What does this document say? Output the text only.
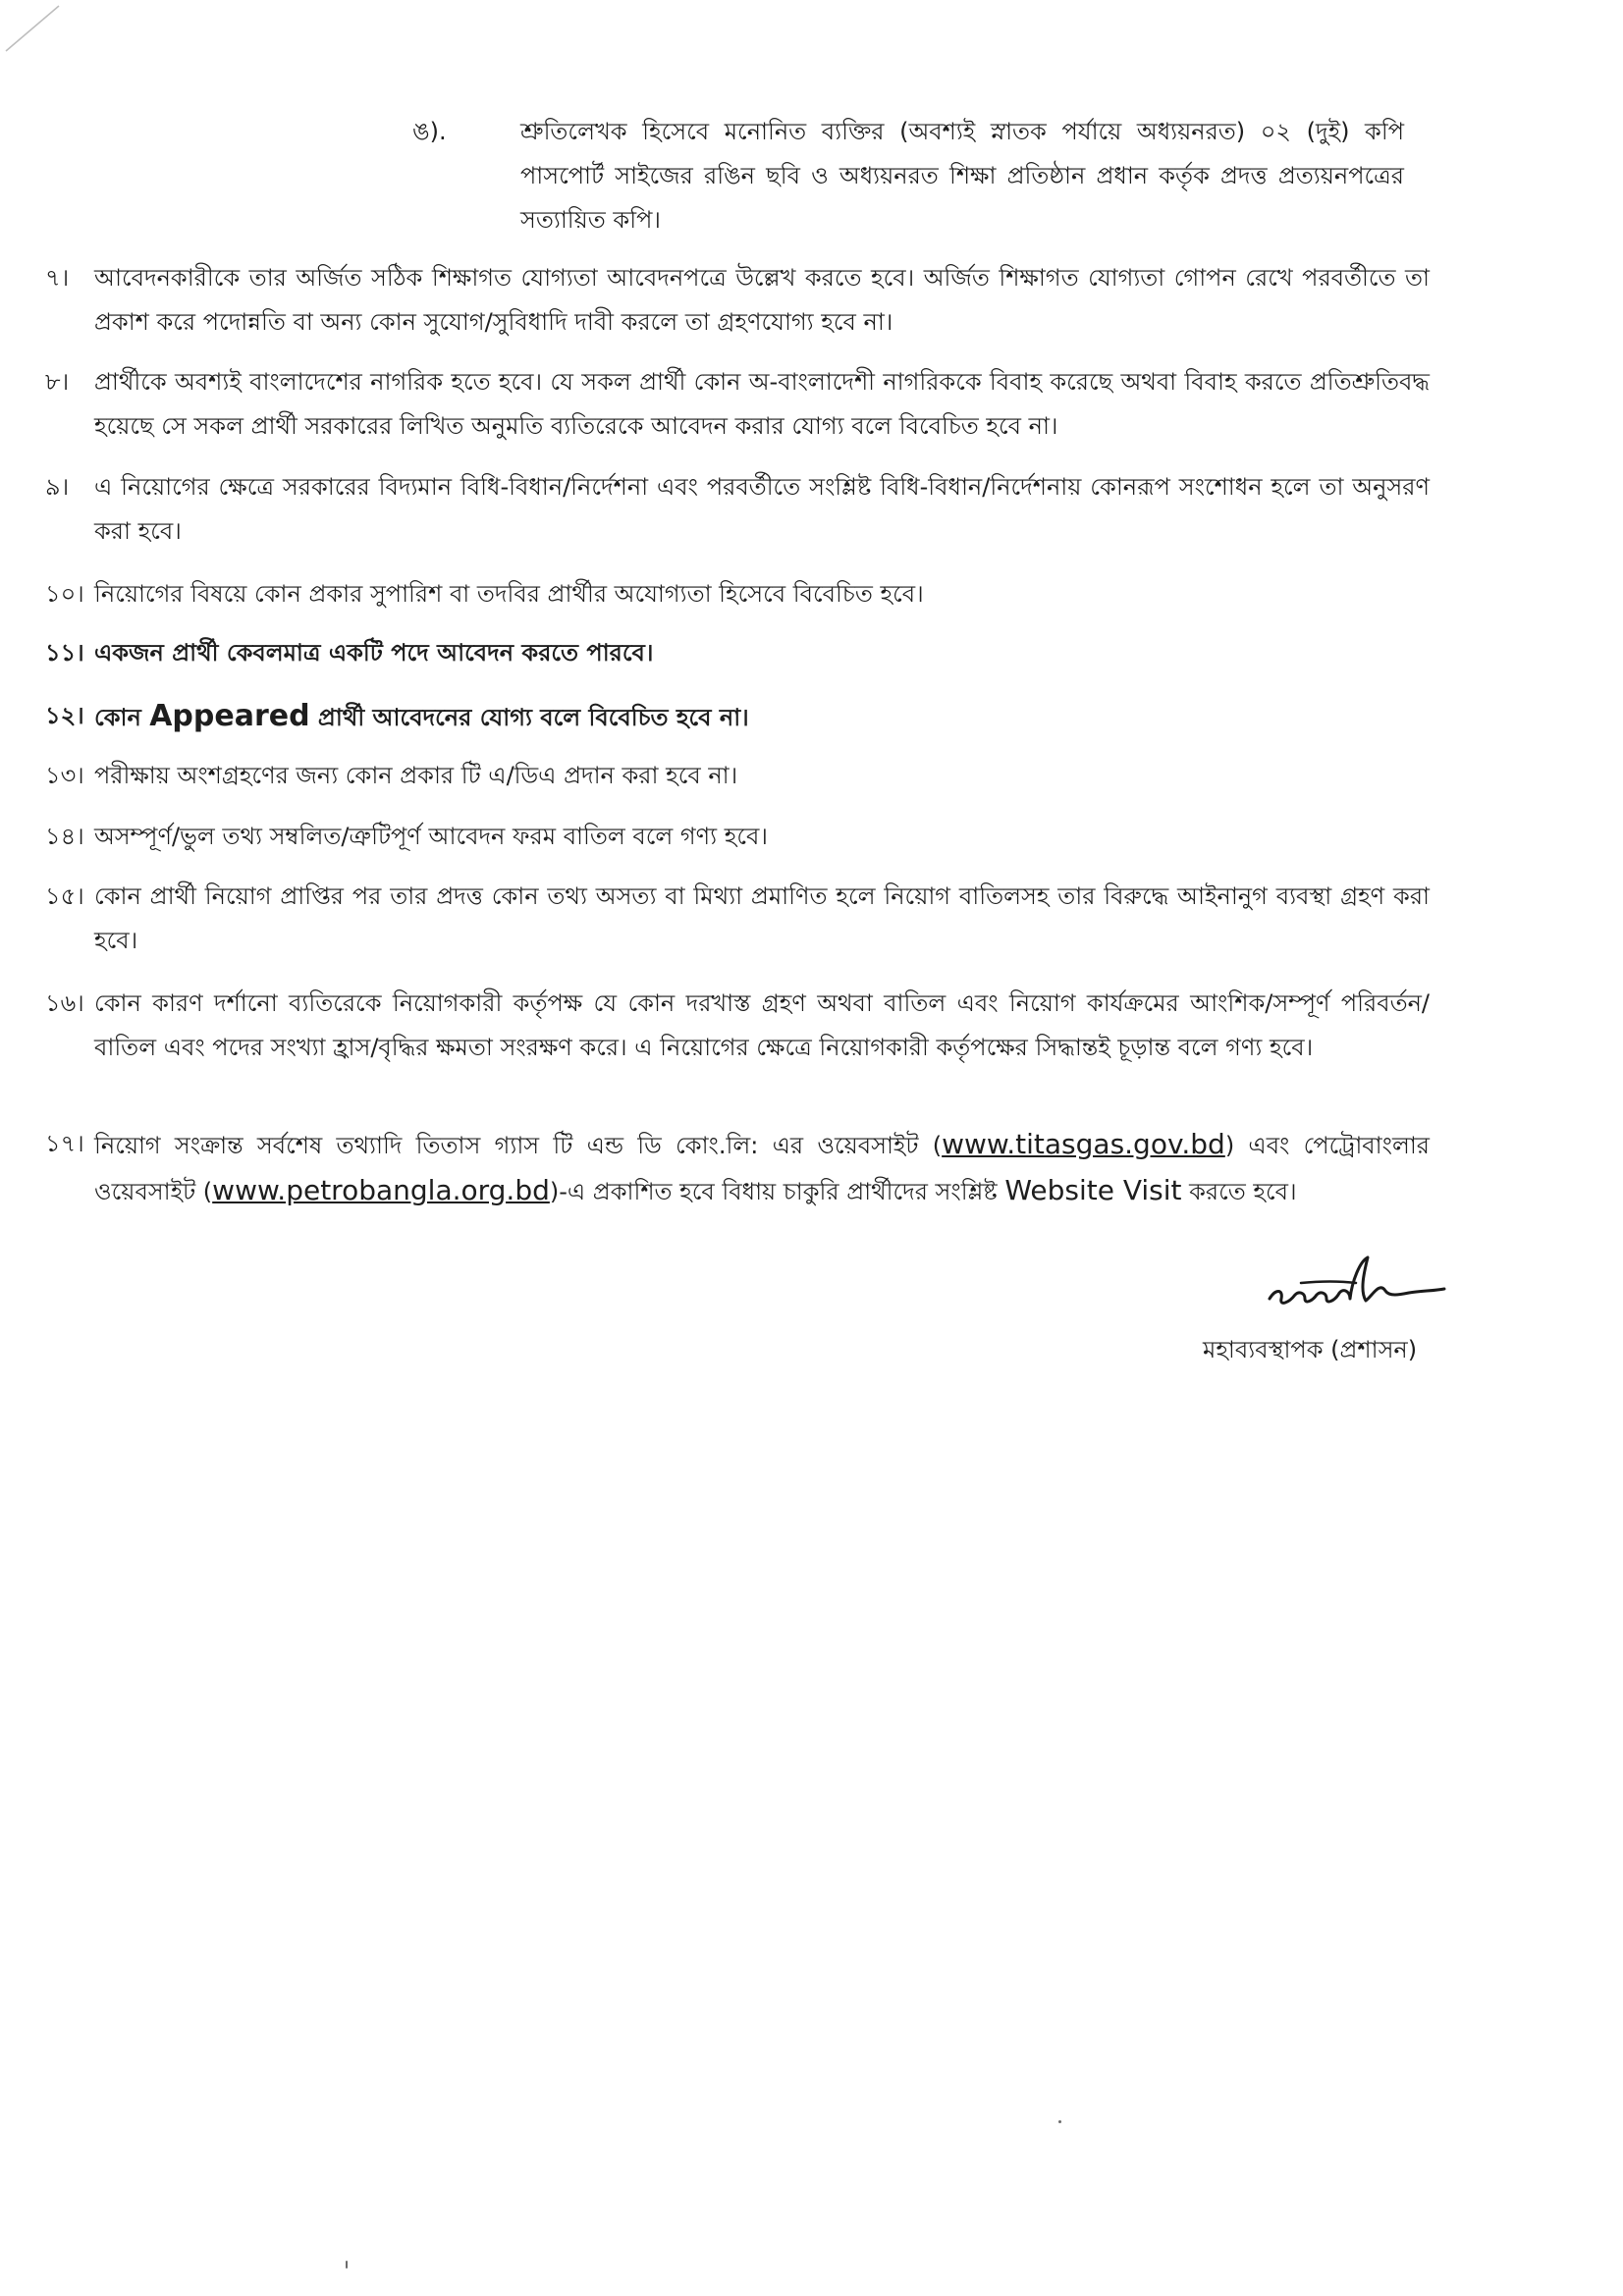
ঙ).	শ্রুতিলেখক হিসেবে মনোনিত ব্যক্তির (অবশ্যই স্নাতক পর্যায়ে অধ্যয়নরত) ০২ (দুই) কপি পাসপোর্ট সাইজের রঙিন ছবি ও অধ্যয়নরত শিক্ষা প্রতিষ্ঠান প্রধান কর্তৃক প্রদত্ত প্রত্যয়নপত্রের সত্যায়িত কপি।
৭। আবেদনকারীকে তার অর্জিত সঠিক শিক্ষাগত যোগ্যতা আবেদনপত্রে উল্লেখ করতে হবে। অর্জিত শিক্ষাগত যোগ্যতা গোপন রেখে পরবর্তীতে তা প্রকাশ করে পদোন্নতি বা অন্য কোন সুযোগ/সুবিধাদি দাবী করলে তা গ্রহণযোগ্য হবে না।
৮। প্রার্থীকে অবশ্যই বাংলাদেশের নাগরিক হতে হবে। যে সকল প্রার্থী কোন অ-বাংলাদেশী নাগরিককে বিবাহ করেছে অথবা বিবাহ করতে প্রতিশ্রুতিবদ্ধ হয়েছে সে সকল প্রার্থী সরকারের লিখিত অনুমতি ব্যতিরেকে আবেদন করার যোগ্য বলে বিবেচিত হবে না।
৯। এ নিয়োগের ক্ষেত্রে সরকারের বিদ্যমান বিধি-বিধান/নির্দেশনা এবং পরবর্তীতে সংশ্লিষ্ট বিধি-বিধান/নির্দেশনায় কোনরূপ সংশোধন হলে তা অনুসরণ করা হবে।
১০। নিয়োগের বিষয়ে কোন প্রকার সুপারিশ বা তদবির প্রার্থীর অযোগ্যতা হিসেবে বিবেচিত হবে।
১১। একজন প্রার্থী কেবলমাত্র একটি পদে আবেদন করতে পারবে।
১২। কোন Appeared প্রার্থী আবেদনের যোগ্য বলে বিবেচিত হবে না।
১৩। পরীক্ষায় অংশগ্রহণের জন্য কোন প্রকার টি এ/ডিএ প্রদান করা হবে না।
১৪। অসম্পূর্ণ/ভুল তথ্য সম্বলিত/ত্রুটিপূর্ণ আবেদন ফরম বাতিল বলে গণ্য হবে।
১৫। কোন প্রার্থী নিয়োগ প্রাপ্তির পর তার প্রদত্ত কোন তথ্য অসত্য বা মিথ্যা প্রমাণিত হলে নিয়োগ বাতিলসহ তার বিরুদ্ধে আইনানুগ ব্যবস্থা গ্রহণ করা হবে।
১৬। কোন কারণ দর্শানো ব্যতিরেকে নিয়োগকারী কর্তৃপক্ষ যে কোন দরখাস্ত গ্রহণ অথবা বাতিল এবং নিয়োগ কার্যক্রমের আংশিক/সম্পূর্ণ পরিবর্তন/বাতিল এবং পদের সংখ্যা হ্রাস/বৃদ্ধির ক্ষমতা সংরক্ষণ করে। এ নিয়োগের ক্ষেত্রে নিয়োগকারী কর্তৃপক্ষের সিদ্ধান্তই চূড়ান্ত বলে গণ্য হবে।
১৭। নিয়োগ সংক্রান্ত সর্বশেষ তথ্যাদি তিতাস গ্যাস টি এন্ড ডি কোং.লি: এর ওয়েবসাইট (www.titasgas.gov.bd) এবং পেট্রোবাংলার ওয়েবসাইট (www.petrobangla.org.bd)-এ প্রকাশিত হবে বিধায় চাকুরি প্রার্থীদের সংশ্লিষ্ট Website Visit করতে হবে।
মহাব্যবস্থাপক (প্রশাসন)
